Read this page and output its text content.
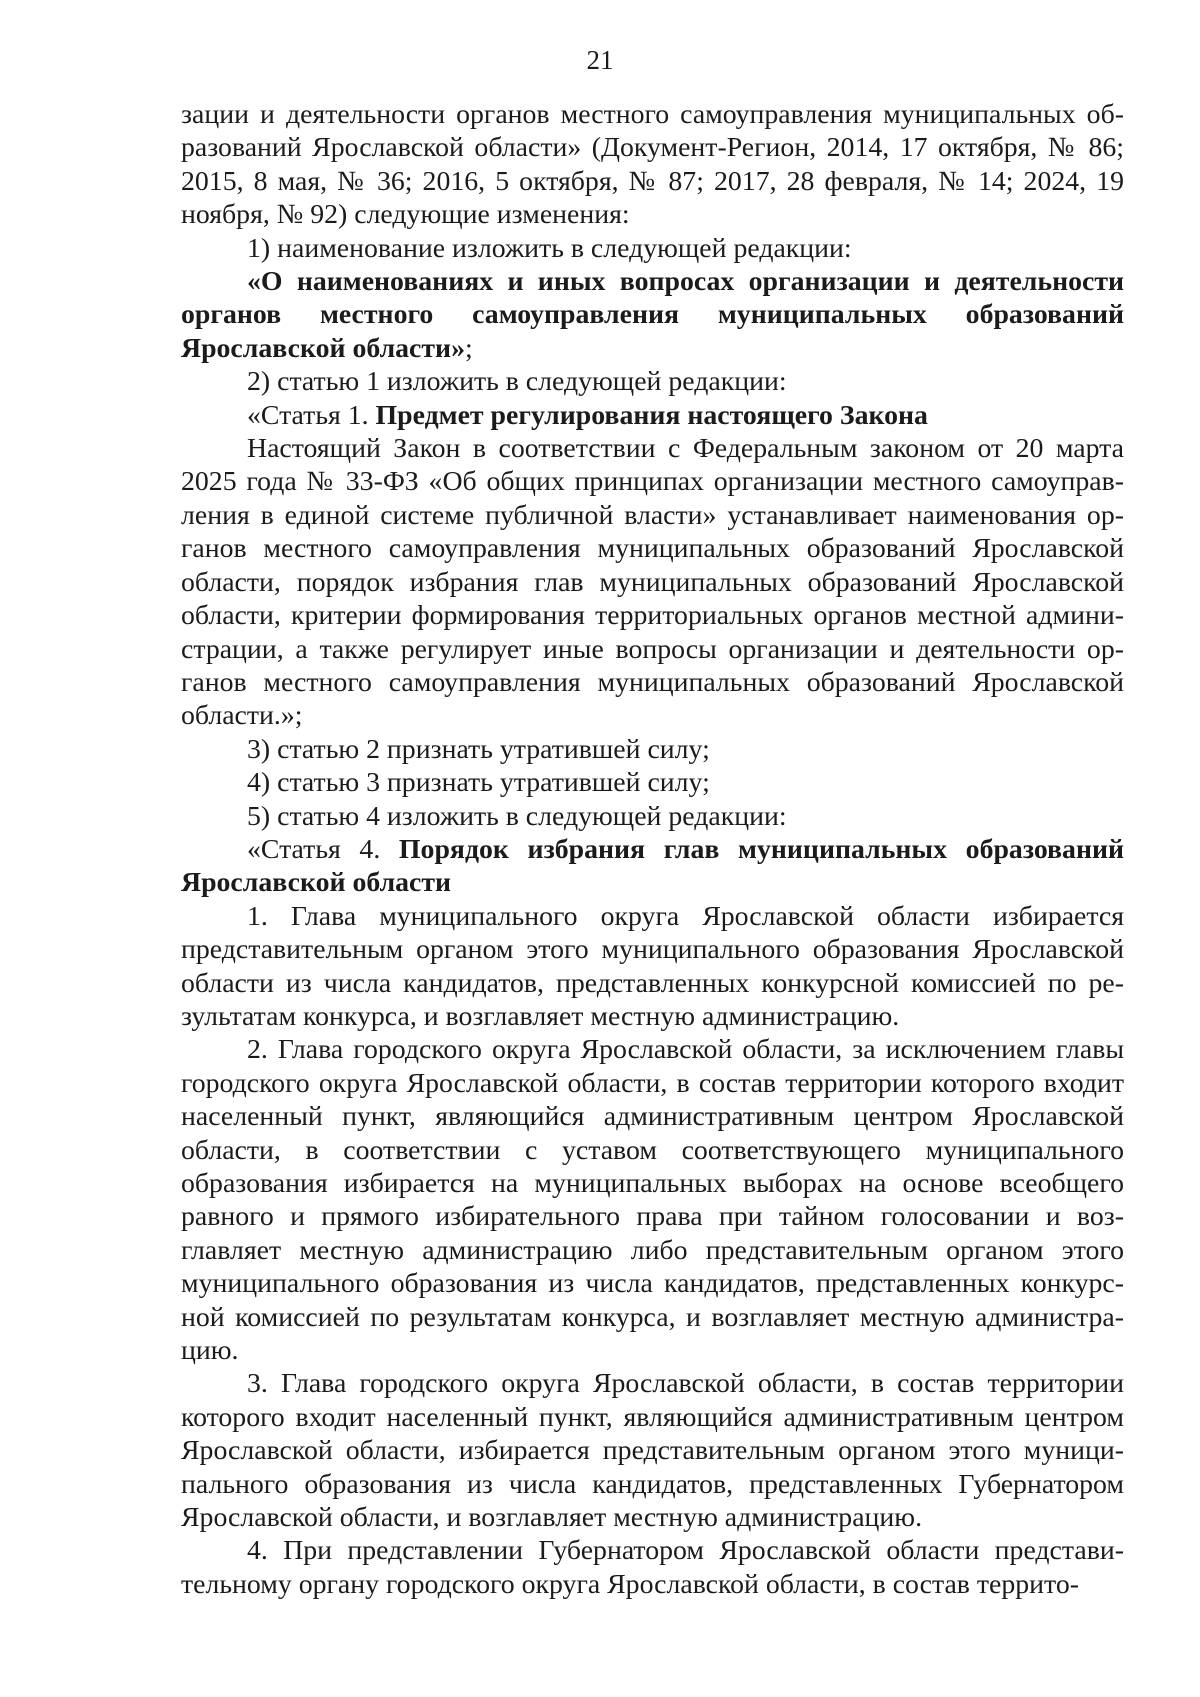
21

зации и деятельности органов местного самоуправления муниципальных образований Ярославской области» (Документ-Регион, 2014, 17 октября, № 86; 2015, 8 мая, № 36; 2016, 5 октября, № 87; 2017, 28 февраля, № 14; 2024, 19 ноября, № 92) следующие изменения:

1) наименование изложить в следующей редакции:

«О наименованиях и иных вопросах организации и деятельности органов местного самоуправления муниципальных образований Ярославской области»;

2) статью 1 изложить в следующей редакции:

«Статья 1. Предмет регулирования настоящего Закона

Настоящий Закон в соответствии с Федеральным законом от 20 марта 2025 года № 33-ФЗ «Об общих принципах организации местного самоуправления в единой системе публичной власти» устанавливает наименования органов местного самоуправления муниципальных образований Ярославской области, порядок избрания глав муниципальных образований Ярославской области, критерии формирования территориальных органов местной администрации, а также регулирует иные вопросы организации и деятельности органов местного самоуправления муниципальных образований Ярославской области.»;

3) статью 2 признать утратившей силу;

4) статью 3 признать утратившей силу;

5) статью 4 изложить в следующей редакции:

«Статья 4. Порядок избрания глав муниципальных образований Ярославской области

1. Глава муниципального округа Ярославской области избирается представительным органом этого муниципального образования Ярославской области из числа кандидатов, представленных конкурсной комиссией по результатам конкурса, и возглавляет местную администрацию.

2. Глава городского округа Ярославской области, за исключением главы городского округа Ярославской области, в состав территории которого входит населенный пункт, являющийся административным центром Ярославской области, в соответствии с уставом соответствующего муниципального образования избирается на муниципальных выборах на основе всеобщего равного и прямого избирательного права при тайном голосовании и возглавляет местную администрацию либо представительным органом этого муниципального образования из числа кандидатов, представленных конкурсной комиссией по результатам конкурса, и возглавляет местную администрацию.

3. Глава городского округа Ярославской области, в состав территории которого входит населенный пункт, являющийся административным центром Ярославской области, избирается представительным органом этого муниципального образования из числа кандидатов, представленных Губернатором Ярославской области, и возглавляет местную администрацию.

4. При представлении Губернатором Ярославской области представительному органу городского округа Ярославской области, в состав террито-
